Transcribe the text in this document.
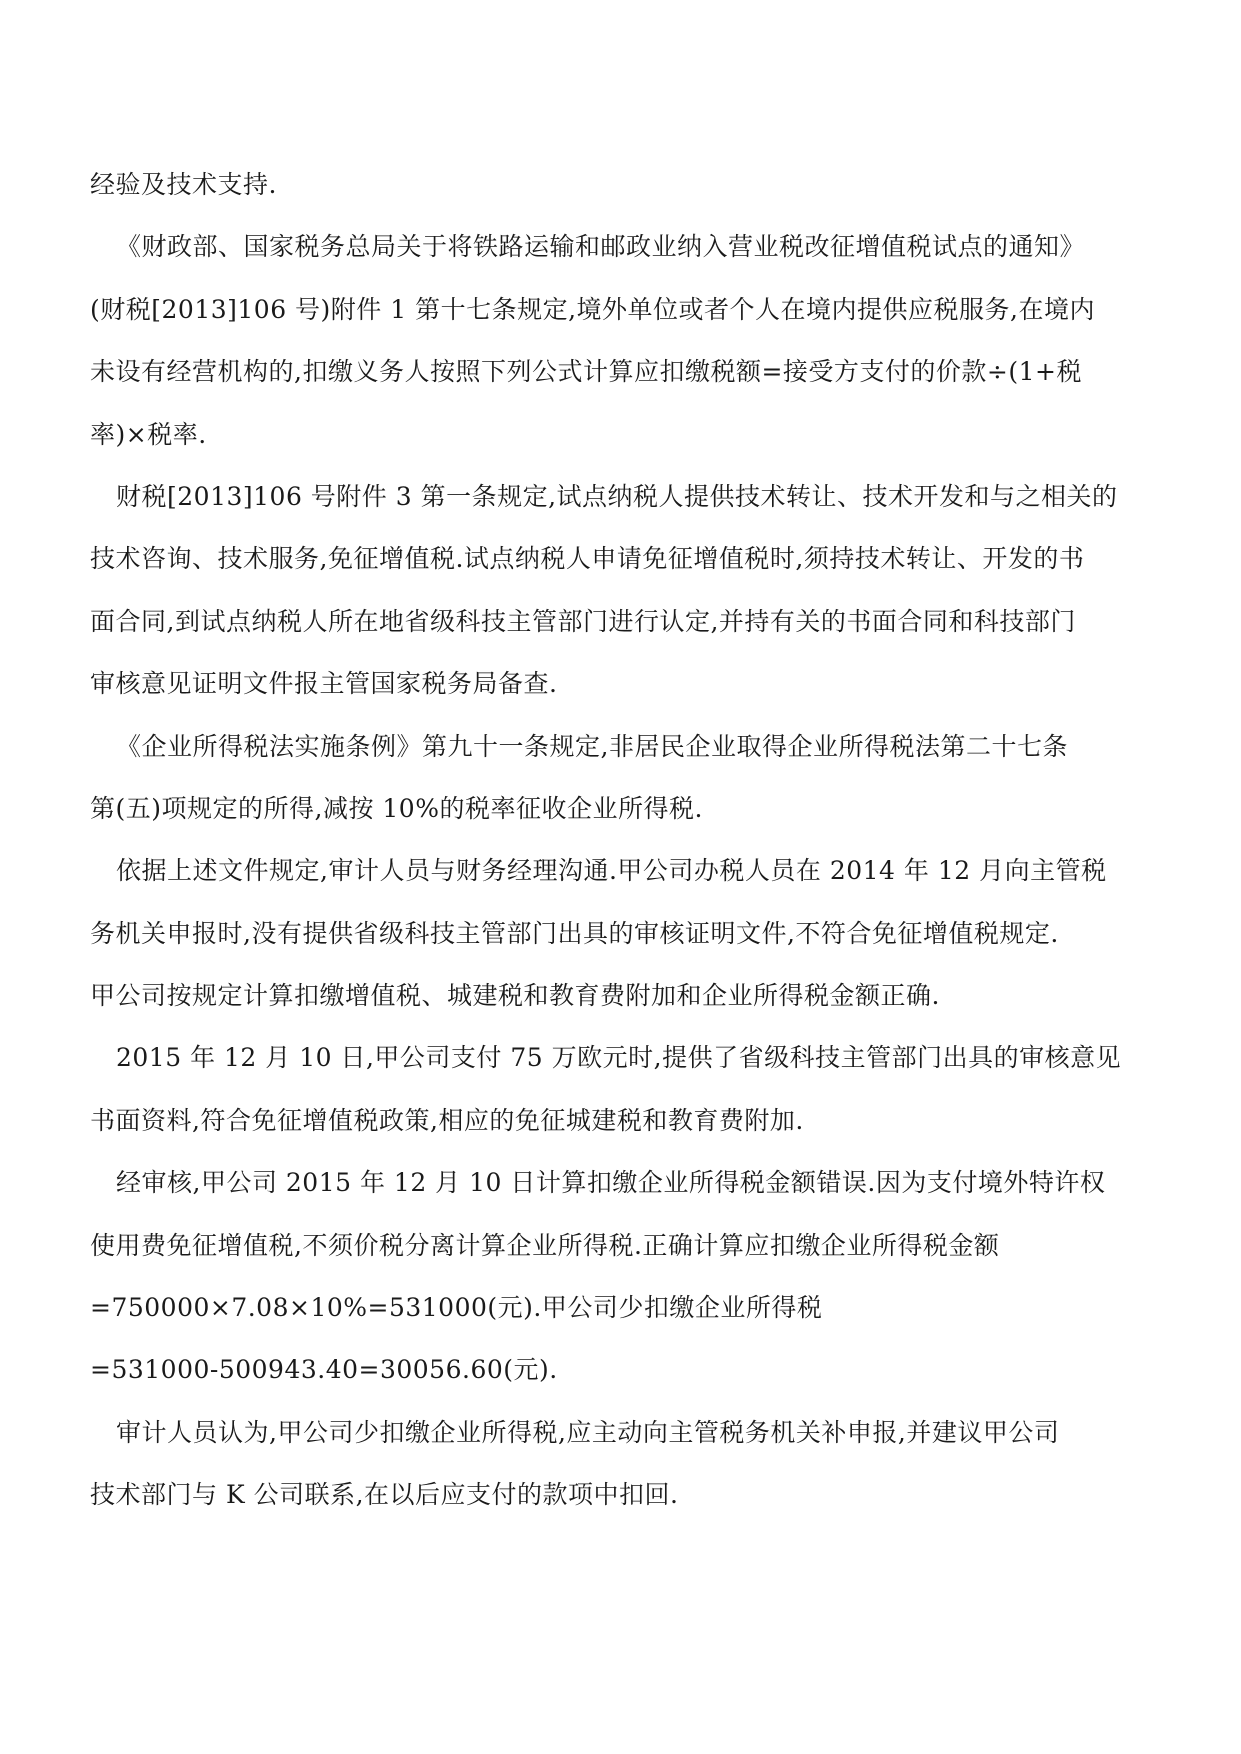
经验及技术支持.

《财政部、国家税务总局关于将铁路运输和邮政业纳入营业税改征增值税试点的通知》
(财税[2013]106 号)附件 1 第十七条规定,境外单位或者个人在境内提供应税服务,在境内
未设有经营机构的,扣缴义务人按照下列公式计算应扣缴税额=接受方支付的价款÷(1+税
率)×税率.

财税[2013]106 号附件 3 第一条规定,试点纳税人提供技术转让、技术开发和与之相关的
技术咨询、技术服务,免征增值税.试点纳税人申请免征增值税时,须持技术转让、开发的书
面合同,到试点纳税人所在地省级科技主管部门进行认定,并持有关的书面合同和科技部门
审核意见证明文件报主管国家税务局备查.

《企业所得税法实施条例》第九十一条规定,非居民企业取得企业所得税法第二十七条
第(五)项规定的所得,减按 10%的税率征收企业所得税.

依据上述文件规定,审计人员与财务经理沟通.甲公司办税人员在 2014 年 12 月向主管税
务机关申报时,没有提供省级科技主管部门出具的审核证明文件,不符合免征增值税规定.
甲公司按规定计算扣缴增值税、城建税和教育费附加和企业所得税金额正确.

2015 年 12 月 10 日,甲公司支付 75 万欧元时,提供了省级科技主管部门出具的审核意见
书面资料,符合免征增值税政策,相应的免征城建税和教育费附加.

经审核,甲公司 2015 年 12 月 10 日计算扣缴企业所得税金额错误.因为支付境外特许权
使用费免征增值税,不须价税分离计算企业所得税.正确计算应扣缴企业所得税金额
=750000×7.08×10%=531000(元).甲公司少扣缴企业所得税
=531000-500943.40=30056.60(元).

审计人员认为,甲公司少扣缴企业所得税,应主动向主管税务机关补申报,并建议甲公司
技术部门与 K 公司联系,在以后应支付的款项中扣回.
